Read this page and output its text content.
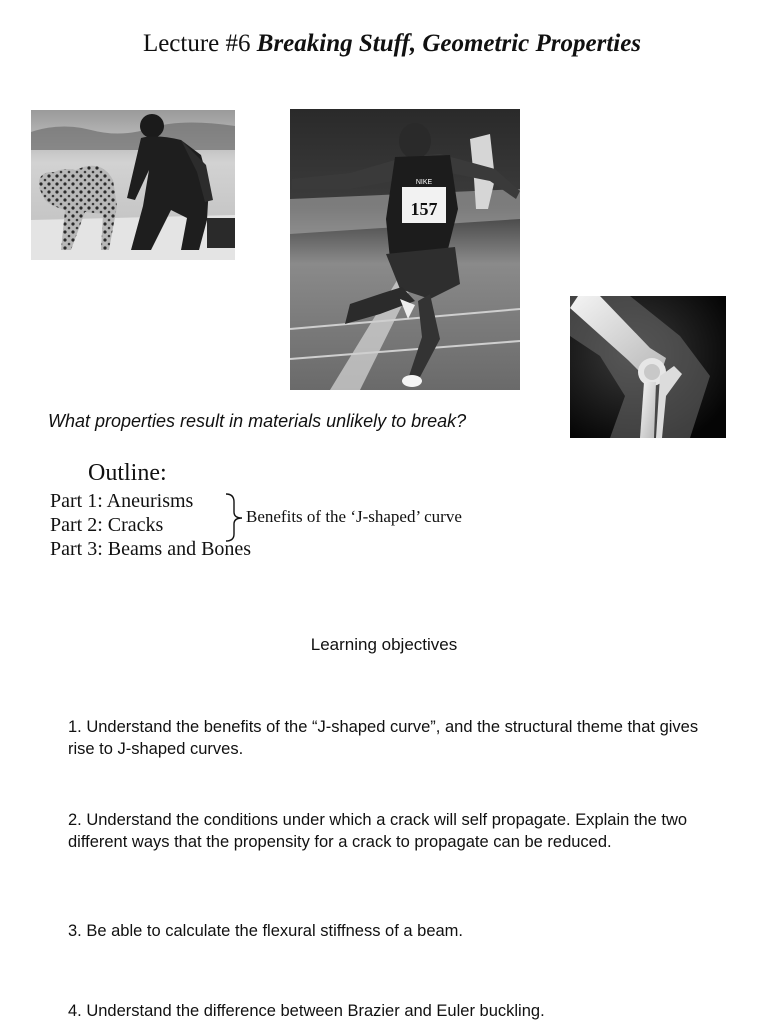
Lecture #6 Breaking Stuff, Geometric Properties
NIKE
157
What properties result in materials unlikely to break?
Outline:
Part 1: Aneurisms
Part 2: Cracks
Part 3: Beams and Bones
Benefits of the ‘J-shaped’ curve
Learning objectives
1. Understand the benefits of the “J-shaped curve”, and the structural theme that gives rise to J-shaped curves.
2. Understand the conditions under which a crack will self propagate. Explain the two different ways that the propensity for a crack to propagate can be reduced.
3. Be able to calculate the flexural stiffness of a beam.
4. Understand the difference between Brazier and Euler buckling.
